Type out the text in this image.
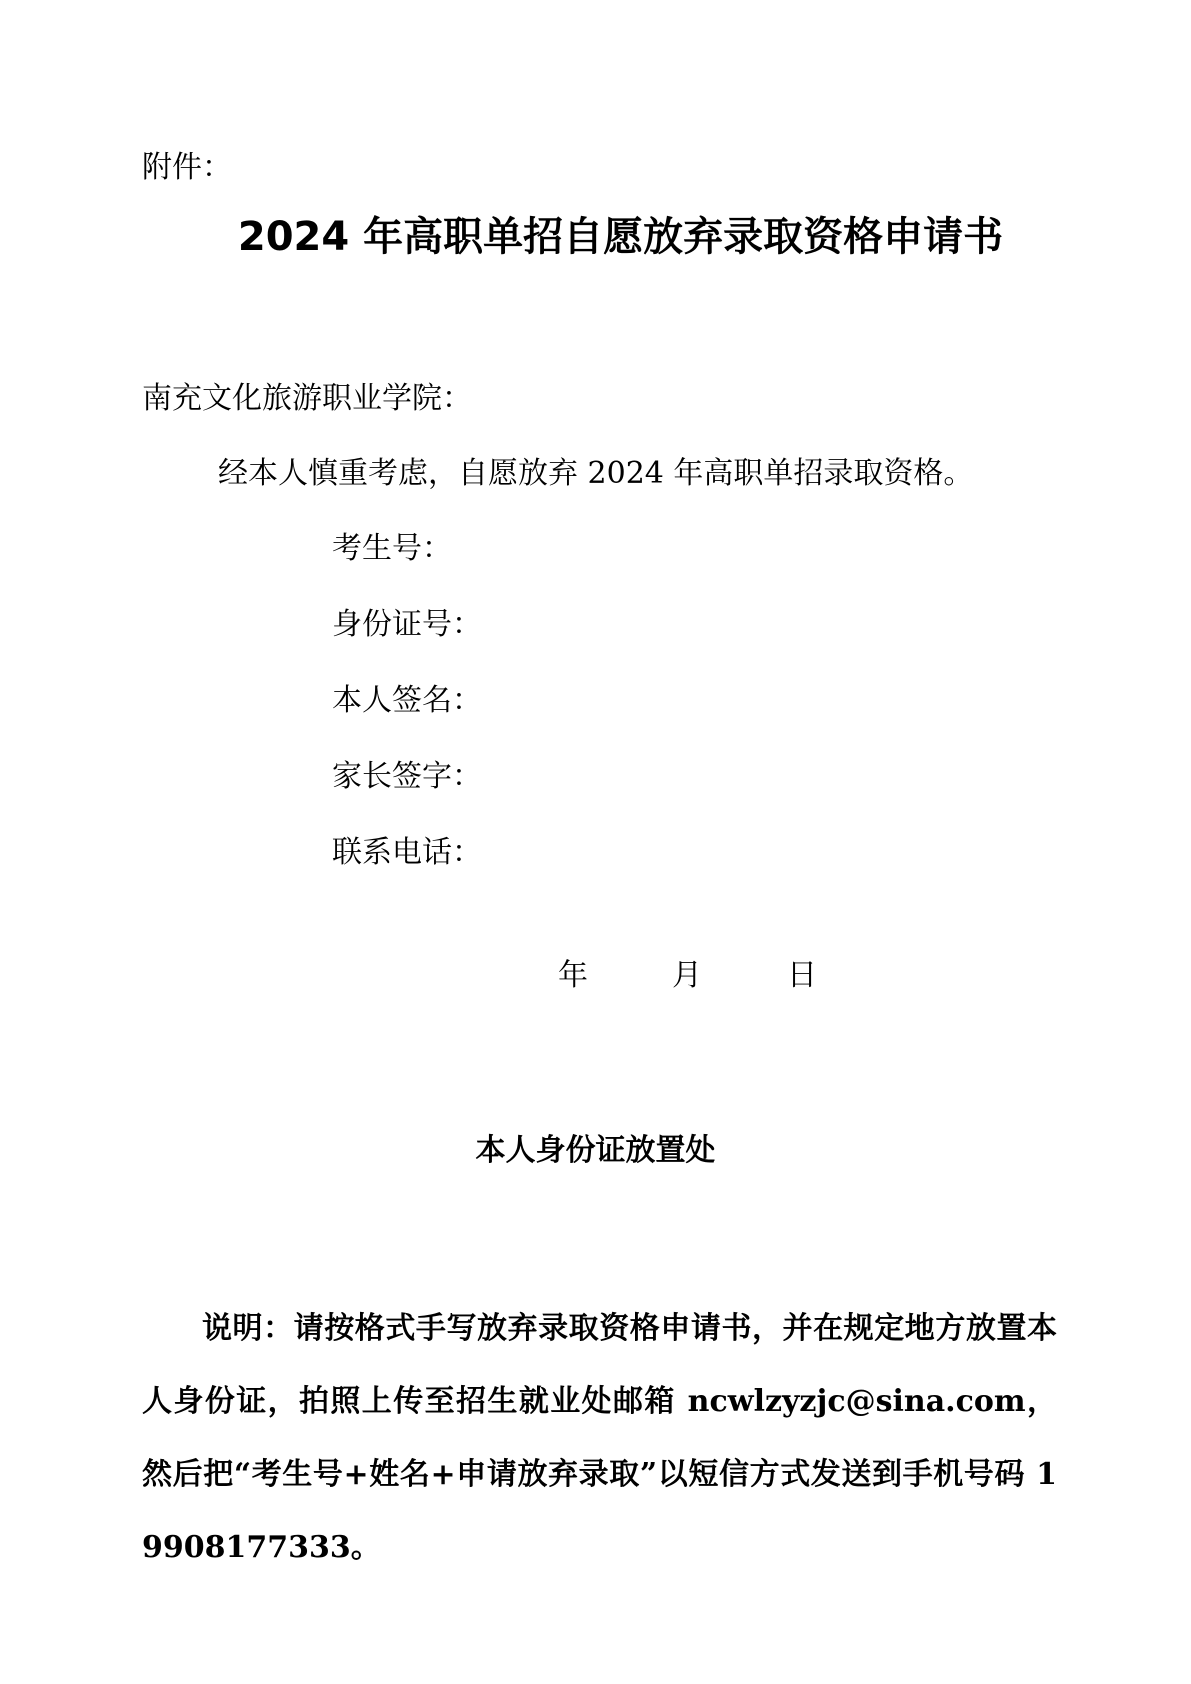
附件：

2024 年高职单招自愿放弃录取资格申请书

南充文化旅游职业学院：

经本人慎重考虑，自愿放弃 2024 年高职单招录取资格。

考生号：

身份证号：

本人签名：

家长签字：

联系电话：

年	月	日

本人身份证放置处

说明：请按格式手写放弃录取资格申请书，并在规定地方放置本人身份证，拍照上传至招生就业处邮箱 ncwlzyzjc@sina.com，然后把“考生号+姓名+申请放弃录取”以短信方式发送到手机号码 19908177333。
